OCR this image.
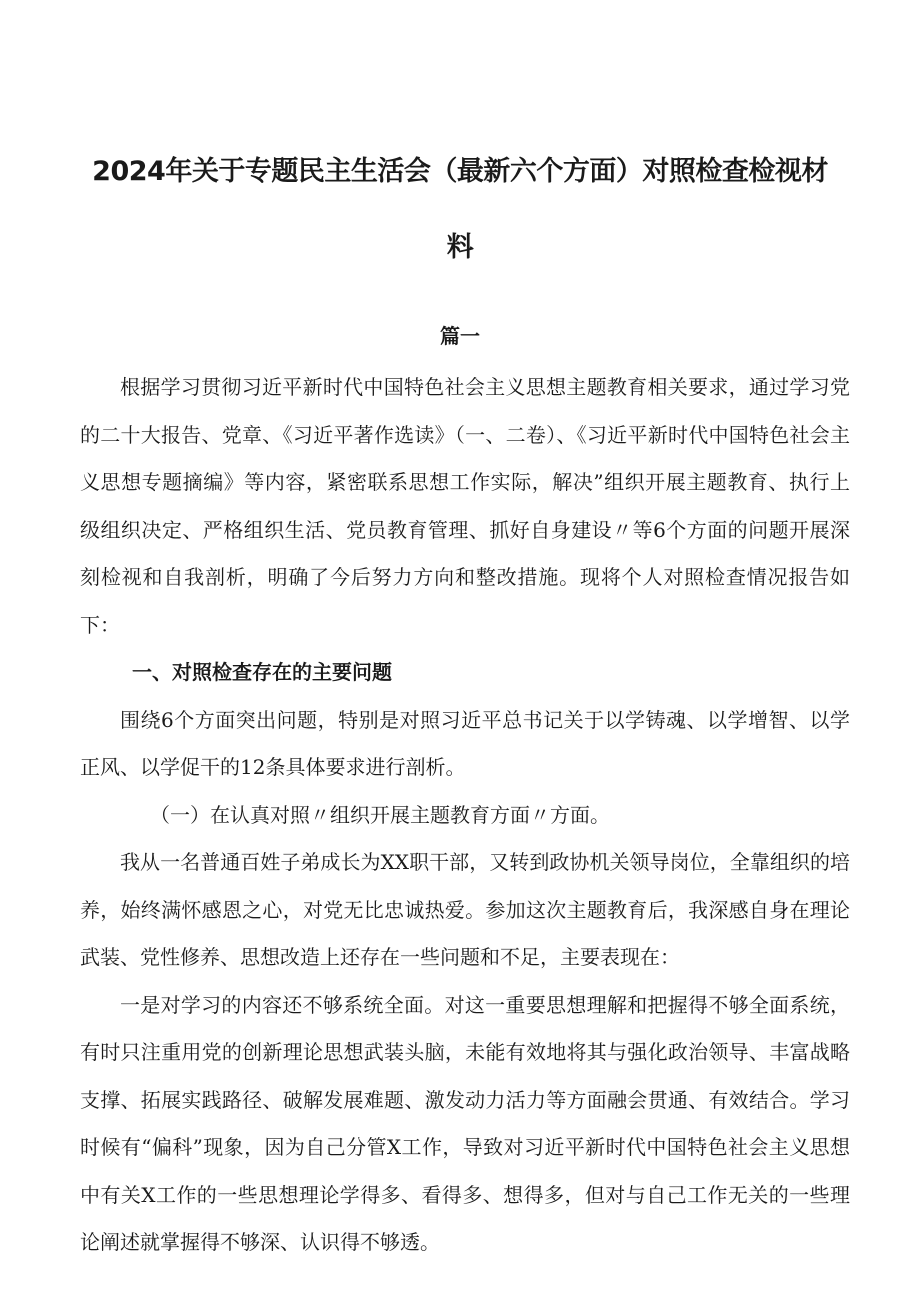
2024年关于专题民主生活会（最新六个方面）对照检查检视材料
篇一

根据学习贯彻习近平新时代中国特色社会主义思想主题教育相关要求，通过学习党的二十大报告、党章、《习近平著作选读》（一、二卷）、《习近平新时代中国特色社会主义思想专题摘编》等内容，紧密联系思想工作实际，解决”组织开展主题教育、执行上级组织决定、严格组织生活、党员教育管理、抓好自身建设〃等6个方面的问题开展深刻检视和自我剖析，明确了今后努力方向和整改措施。现将个人对照检查情况报告如下：

一、对照检查存在的主要问题

围绕6个方面突出问题，特别是对照习近平总书记关于以学铸魂、以学增智、以学正风、以学促干的12条具体要求进行剖析。

（一）在认真对照〃组织开展主题教育方面〃方面。

我从一名普通百姓子弟成长为XX职干部，又转到政协机关领导岗位，全靠组织的培养，始终满怀感恩之心，对党无比忠诚热爱。参加这次主题教育后，我深感自身在理论武装、党性修养、思想改造上还存在一些问题和不足，主要表现在：

一是对学习的内容还不够系统全面。对这一重要思想理解和把握得不够全面系统，有时只注重用党的创新理论思想武装头脑，未能有效地将其与强化政治领导、丰富战略支撑、拓展实践路径、破解发展难题、激发动力活力等方面融会贯通、有效结合。学习时候有“偏科”现象，因为自己分管X工作，导致对习近平新时代中国特色社会主义思想中有关X工作的一些思想理论学得多、看得多、想得多，但对与自己工作无关的一些理论阐述就掌握得不够深、认识得不够透。
